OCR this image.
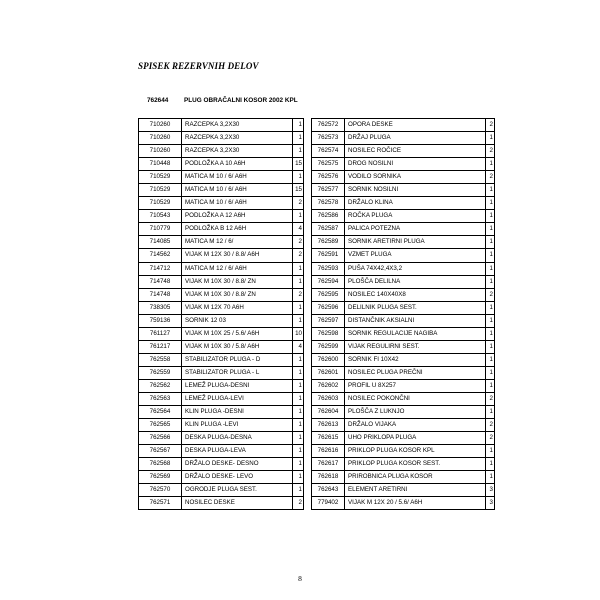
SPISEK REZERVNIH DELOV
762644 PLUG OBRAČALNI KOSOR 2002 KPL
710260	RAZCEPKA 3,2X30	1
710260	RAZCEPKA 3,2X30	1
710260	RAZCEPKA 3,2X30	1
710448	PODLOŽKA A 10 A6H	15
710529	MATICA M 10 / 6/ A6H	1
710529	MATICA M 10 / 6/ A6H	15
710529	MATICA M 10 / 6/ A6H	2
710543	PODLOŽKA A 12 A6H	1
710779	PODLOŽKA B 12 A6H	4
714085	MATICA M 12 / 6/	2
714562	VIJAK M 12X 30 / 8.8/ A6H	2
714712	MATICA M 12 / 6/ A6H	1
714748	VIJAK M 10X 30 / 8.8/ ZN	1
714748	VIJAK M 10X 30 / 8.8/ ZN	2
738305	VIJAK M 12X 70 A6H	1
759136	SORNIK 12 03	1
761127	VIJAK M 10X 25 / 5.6/ A6H	10
761217	VIJAK M 10X 30 / 5.8/ A6H	4
762558	STABILIZATOR PLUGA - D	1
762559	STABILIZATOR PLUGA - L	1
762562	LEMEŽ PLUGA-DESNI	1
762563	LEMEŽ PLUGA-LEVI	1
762564	KLIN PLUGA -DESNI	1
762565	KLIN PLUGA -LEVI	1
762566	DESKA PLUGA-DESNA	1
762567	DESKA PLUGA-LEVA	1
762568	DRŽALO DESKE- DESNO	1
762569	DRŽALO DESKE- LEVO	1
762570	OGRODJE PLUGA SEST.	1
762571	NOSILEC DESKE	2
762572	OPORA DESKE	2
762573	DRŽAJ PLUGA	1
762574	NOSILEC ROČICE	2
762575	DROG NOSILNI	1
762576	VODILO SORNIKA	2
762577	SORNIK NOSILNI	1
762578	DRŽALO KLINA	1
762586	ROČKA PLUGA	1
762587	PALICA POTEZNA	1
762589	SORNIK ARETIRNI PLUGA	1
762591	VZMET PLUGA	1
762593	PUŠA 74X42,4X3,2	1
762594	PLOŠČA DELILNA	1
762595	NOSILEC 140X40X8	2
762596	DELILNIK PLUGA SEST.	1
762597	DISTANČNIK AKSIALNI	1
762598	SORNIK REGULACIJE NAGIBA	1
762599	VIJAK REGULIRNI SEST.	1
762600	SORNIK FI 10X42	1
762601	NOSILEC PLUGA PREČNI	1
762602	PROFIL U 8X257	1
762603	NOSILEC POKONČNI	2
762604	PLOŠČA Z LUKNJO	1
762613	DRŽALO VIJAKA	2
762615	UHO PRIKLOPA PLUGA	2
762616	PRIKLOP PLUGA KOSOR KPL	1
762617	PRIKLOP PLUGA KOSOR SEST.	1
762618	PRIROBNICA PLUGA KOSOR	1
762643	ELEMENT ARETIRNI	3
779402	VIJAK M 12X 20 / 5.6/ A6H	3
8
